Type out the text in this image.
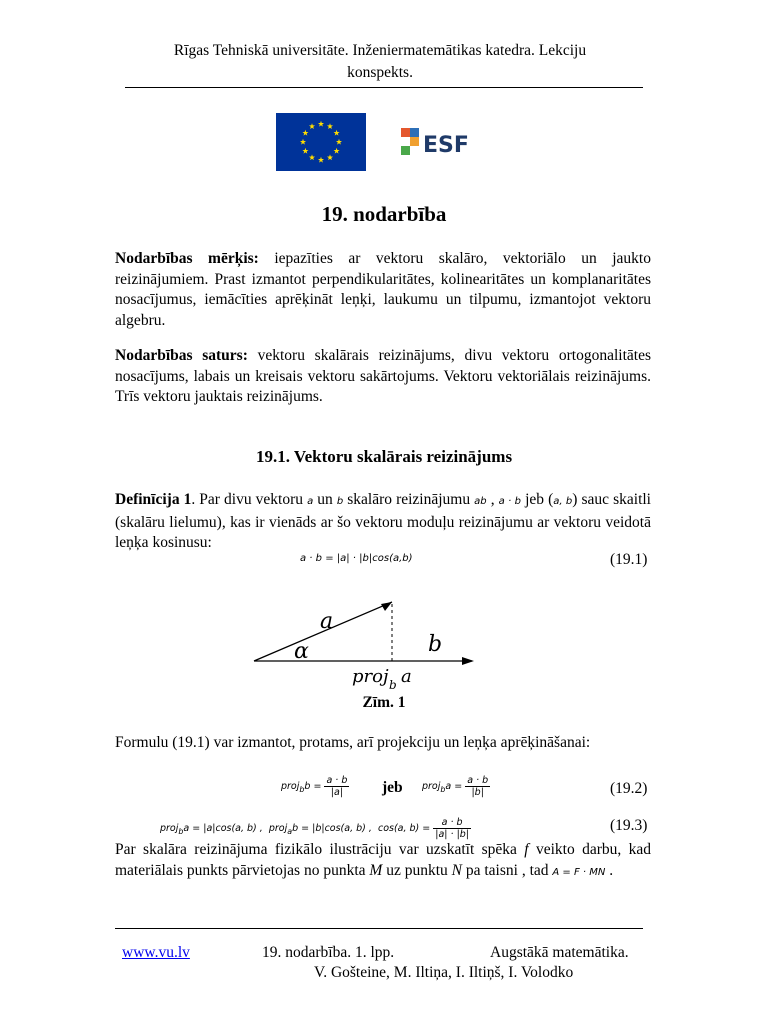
Rīgas Tehniskā universitāte. Inženiermatemātikas katedra. Lekciju
konspekts.
ESF
19. nodarbība
Nodarbības mērķis: iepazīties ar vektoru skalāro, vektoriālo un jaukto reizinājumiem. Prast izmantot perpendikularitātes, kolinearitātes un komplanaritātes nosacījumus, iemācīties aprēķināt leņķi, laukumu un tilpumu, izmantojot vektoru algebru.
Nodarbības saturs: vektoru skalārais reizinājums, divu vektoru ortogonalitātes nosacījums, labais un kreisais vektoru sakārtojums. Vektoru vektoriālais reizinājums. Trīs vektoru jauktais reizinājums.
19.1. Vektoru skalārais reizinājums
Definīcija 1. Par divu vektoru a un b skalāro reizinājumu ab , a · b jeb (a, b) sauc skaitli (skalāru lielumu), kas ir vienāds ar šo vektoru moduļu reizinājumu ar vektoru veidotā leņķa kosinusu:
a · b = |a| · |b|cos(a,b)	(19.1)
a
b
α
proj b a
Zīm. 1
Formulu (19.1) var izmantot, protams, arī projekciju un leņķa aprēķināšanai:
proj$_b$b = $\frac{a \cdot b}{|a|}$ jeb proj$_b$a = $\frac{a \cdot b}{|b|}$	(19.2)
proj$_b$a = |a|cos(a, b) , proj$_a$b = |b|cos(a, b) , cos(a, $b) = \frac{a \cdot b}{|a| \cdot |b|}$	(19.3)
Par skalāra reizinājuma fizikālo ilustrāciju var uzskatīt spēka f veikto darbu, kad materiālais punkts pārvietojas no punkta M uz punktu N pa taisni , tad A = F · MN .
www.vu.lv	19. nodarbība. 1. lpp.	Augstākā matemātika.
V. Gošteine, M. Iltiņa, I. Iltiņš, I. Volodko
